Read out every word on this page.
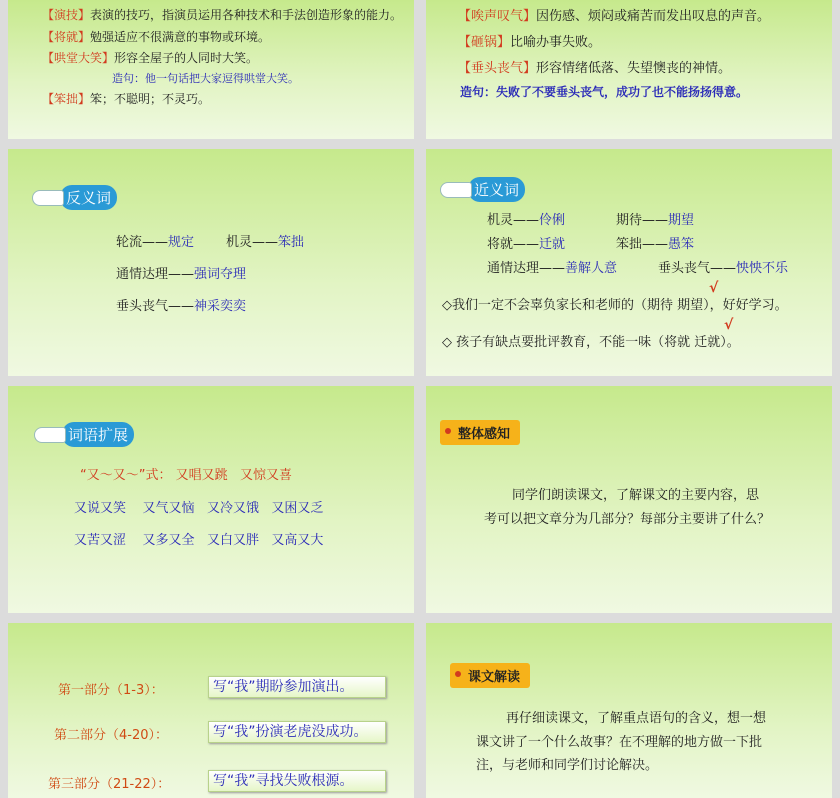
【演技】表演的技巧，指演员运用各种技术和手法创造形象的能力。
【将就】勉强适应不很满意的事物或环境。
【哄堂大笑】形容全屋子的人同时大笑。
造句：他一句话把大家逗得哄堂大笑。
【笨拙】笨；不聪明；不灵巧。
【唉声叹气】因伤感、烦闷或痛苦而发出叹息的声音。
【砸锅】比喻办事失败。
【垂头丧气】形容情绪低落、失望懊丧的神情。
造句：失败了不要垂头丧气，成功了也不能扬扬得意。
反义词
轮流——规定 机灵——笨拙
通情达理——强词夺理
垂头丧气——神采奕奕
近义词
机灵——伶俐	期待——期望
将就——迁就	笨拙——愚笨
通情达理——善解人意	垂头丧气——怏怏不乐
√
◇我们一定不会辜负家长和老师的（期待 期望），好好学习。
√
◇ 孩子有缺点要批评教育，不能一味（将就 迁就）。
词语扩展
“又～又～”式： 又唱又跳 又惊又喜
又说又笑 又气又恼 又冷又饿 又困又乏
又苦又涩 又多又全 又白又胖 又高又大
整体感知
同学们朗读课文，了解课文的主要内容，思
考可以把文章分为几部分？每部分主要讲了什么？
第一部分（1-3）：	写“我”期盼参加演出。
第二部分（4-20）：	写“我”扮演老虎没成功。
第三部分（21-22）：	写“我”寻找失败根源。
课文解读
再仔细读课文，了解重点语句的含义，想一想
课文讲了一个什么故事？在不理解的地方做一下批
注，与老师和同学们讨论解决。
